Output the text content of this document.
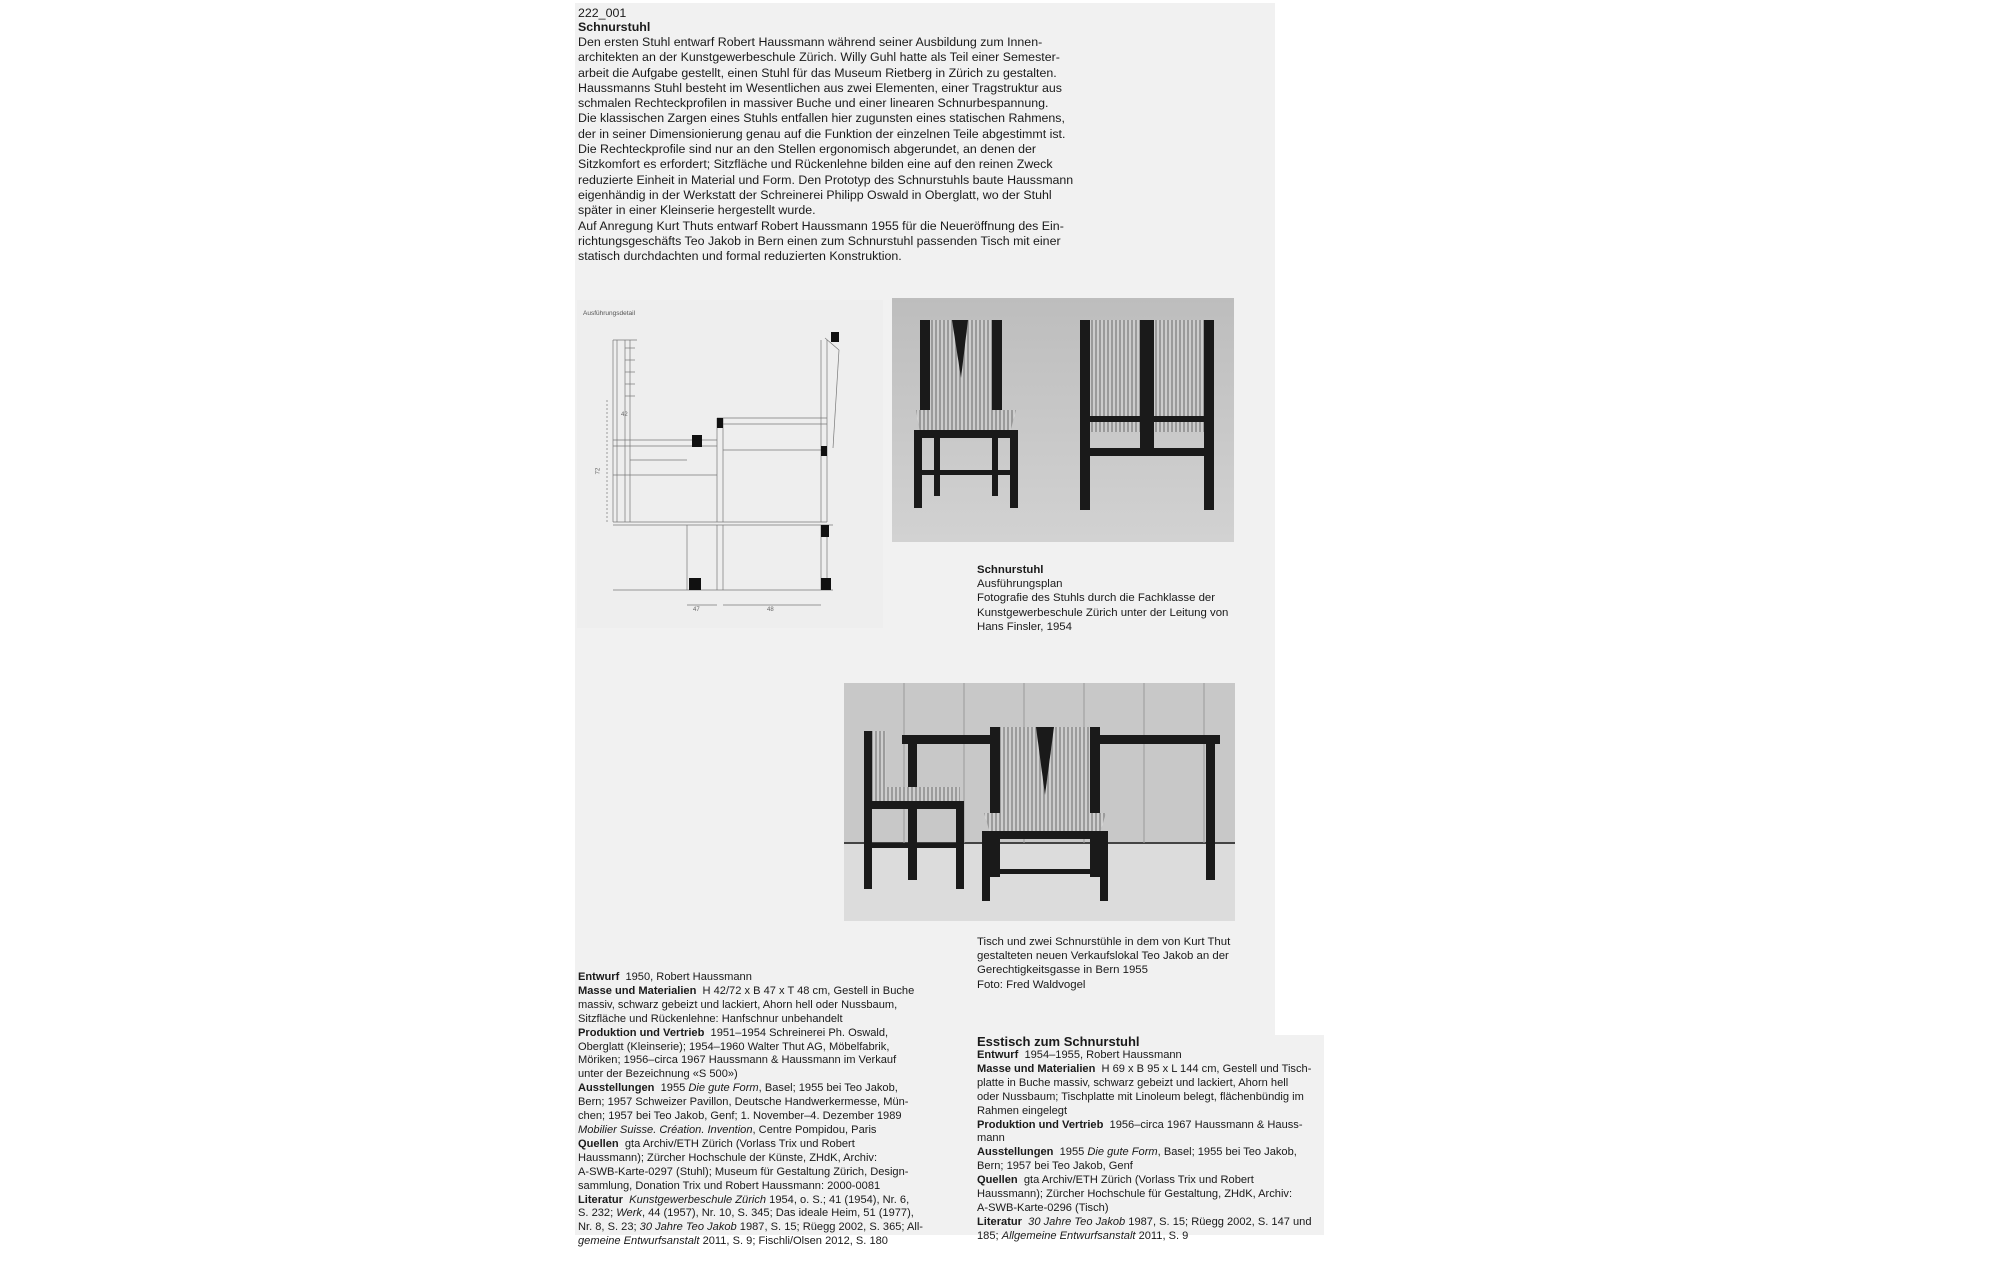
222_001
Schnurstuhl
Den ersten Stuhl entwarf Robert Haussmann während seiner Ausbildung zum Innen-
architekten an der Kunstgewerbeschule Zürich. Willy Guhl hatte als Teil einer Semester-
arbeit die Aufgabe gestellt, einen Stuhl für das Museum Rietberg in Zürich zu gestalten.
Haussmanns Stuhl besteht im Wesentlichen aus zwei Elementen, einer Tragstruktur aus
schmalen Rechteckprofilen in massiver Buche und einer linearen Schnurbespannung.
Die klassischen Zargen eines Stuhls entfallen hier zugunsten eines statischen Rahmens,
der in seiner Dimensionierung genau auf die Funktion der einzelnen Teile abgestimmt ist.
Die Rechteckprofile sind nur an den Stellen ergonomisch abgerundet, an denen der
Sitzkomfort es erfordert; Sitzfläche und Rückenlehne bilden eine auf den reinen Zweck
reduzierte Einheit in Material und Form. Den Prototyp des Schnurstuhls baute Haussmann
eigenhändig in der Werkstatt der Schreinerei Philipp Oswald in Oberglatt, wo der Stuhl
später in einer Kleinserie hergestellt wurde.
Auf Anregung Kurt Thuts entwarf Robert Haussmann 1955 für die Neueröffnung des Ein-
richtungsgeschäfts Teo Jakob in Bern einen zum Schnurstuhl passenden Tisch mit einer
statisch durchdachten und formal reduzierten Konstruktion.
Ausführungsdetail
72
42
47	48
Schnurstuhl
Ausführungsplan
Fotografie des Stuhls durch die Fachklasse der
Kunstgewerbeschule Zürich unter der Leitung von
Hans Finsler, 1954
Tisch und zwei Schnurstühle in dem von Kurt Thut
gestalteten neuen Verkaufslokal Teo Jakob an der
Gerechtigkeitsgasse in Bern 1955
Foto: Fred Waldvogel
Entwurf  1950, Robert Haussmann
Masse und Materialien  H 42/72 x B 47 x T 48 cm, Gestell in Buche
massiv, schwarz gebeizt und lackiert, Ahorn hell oder Nussbaum,
Sitzfläche und Rückenlehne: Hanfschnur unbehandelt
Produktion und Vertrieb  1951–1954 Schreinerei Ph. Oswald,
Oberglatt (Kleinserie); 1954–1960 Walter Thut AG, Möbelfabrik,
Möriken; 1956–circa 1967 Haussmann & Haussmann im Verkauf
unter der Bezeichnung «S 500»)
Ausstellungen  1955 Die gute Form, Basel; 1955 bei Teo Jakob,
Bern; 1957 Schweizer Pavillon, Deutsche Handwerkermesse, Mün-
chen; 1957 bei Teo Jakob, Genf; 1. November–4. Dezember 1989
Mobilier Suisse. Création. Invention, Centre Pompidou, Paris
Quellen  gta Archiv/ETH Zürich (Vorlass Trix und Robert
Haussmann); Zürcher Hochschule der Künste, ZHdK, Archiv:
A-SWB-Karte-0297 (Stuhl); Museum für Gestaltung Zürich, Design-
sammlung, Donation Trix und Robert Haussmann: 2000-0081
Literatur Kunstgewerbeschule Zürich 1954, o. S.; 41 (1954), Nr. 6,
S. 232; Werk, 44 (1957), Nr. 10, S. 345; Das ideale Heim, 51 (1977),
Nr. 8, S. 23; 30 Jahre Teo Jakob 1987, S. 15; Rüegg 2002, S. 365; All-
gemeine Entwurfsanstalt 2011, S. 9; Fischli/Olsen 2012, S. 180
Esstisch zum Schnurstuhl
Entwurf  1954–1955, Robert Haussmann
Masse und Materialien  H 69 x B 95 x L 144 cm, Gestell und Tisch-
platte in Buche massiv, schwarz gebeizt und lackiert, Ahorn hell
oder Nussbaum; Tischplatte mit Linoleum belegt, flächenbündig im
Rahmen eingelegt
Produktion und Vertrieb  1956–circa 1967 Haussmann & Hauss-
mann
Ausstellungen  1955 Die gute Form, Basel; 1955 bei Teo Jakob,
Bern; 1957 bei Teo Jakob, Genf
Quellen  gta Archiv/ETH Zürich (Vorlass Trix und Robert
Haussmann); Zürcher Hochschule für Gestaltung, ZHdK, Archiv:
A-SWB-Karte-0296 (Tisch)
Literatur 30 Jahre Teo Jakob 1987, S. 15; Rüegg 2002, S. 147 und
185; Allgemeine Entwurfsanstalt 2011, S. 9
